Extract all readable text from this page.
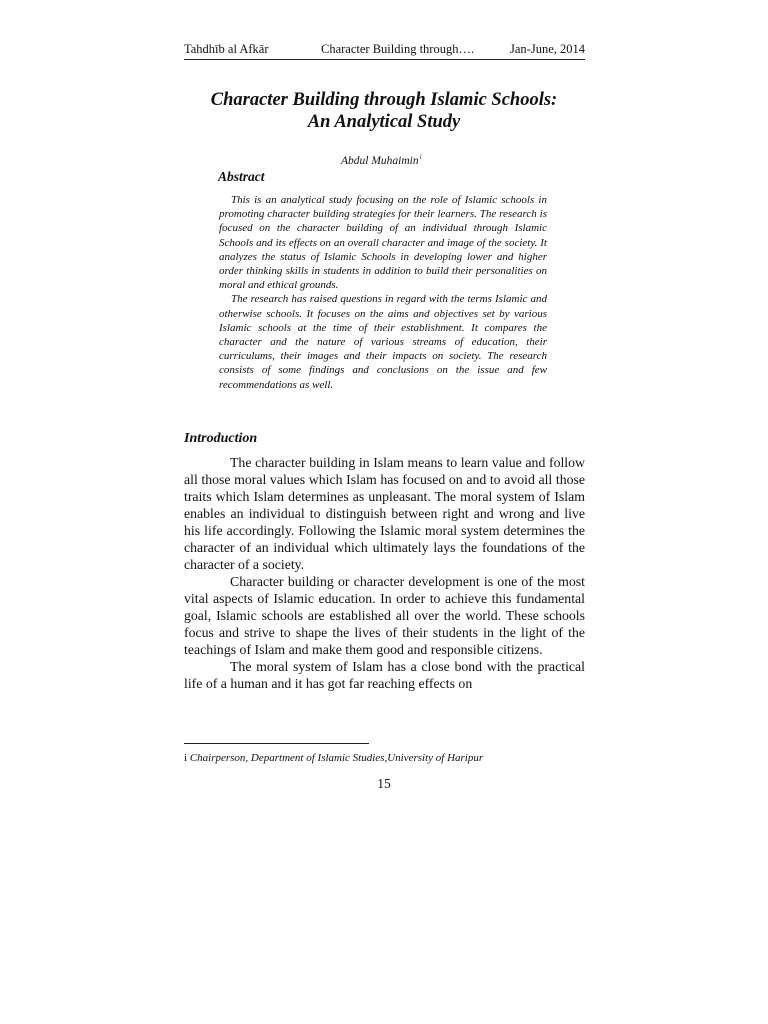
Tahdhīb al Afkār	Character Building through….	Jan-June, 2014
Character Building through Islamic Schools:
An Analytical Study
Abdul Muhaimin$^i$
Abstract

This is an analytical study focusing on the role of Islamic schools in promoting character building strategies for their learners. The research is focused on the character building of an individual through Islamic Schools and its effects on an overall character and image of the society. It analyzes the status of Islamic Schools in developing lower and higher order thinking skills in students in addition to build their personalities on moral and ethical grounds.

The research has raised questions in regard with the terms Islamic and otherwise schools. It focuses on the aims and objectives set by various Islamic schools at the time of their establishment. It compares the character and the nature of various streams of education, their curriculums, their images and their impacts on society. The research consists of some findings and conclusions on the issue and few recommendations as well.

Introduction

The character building in Islam means to learn value and follow all those moral values which Islam has focused on and to avoid all those traits which Islam determines as unpleasant. The moral system of Islam enables an individual to distinguish between right and wrong and live his life accordingly. Following the Islamic moral system determines the character of an individual which ultimately lays the foundations of the character of a society.

Character building or character development is one of the most vital aspects of Islamic education. In order to achieve this fundamental goal, Islamic schools are established all over the world. These schools focus and strive to shape the lives of their students in the light of the teachings of Islam and make them good and responsible citizens.

The moral system of Islam has a close bond with the practical life of a human and it has got far reaching effects on

i Chairperson, Department of Islamic Studies,University of Haripur
15
